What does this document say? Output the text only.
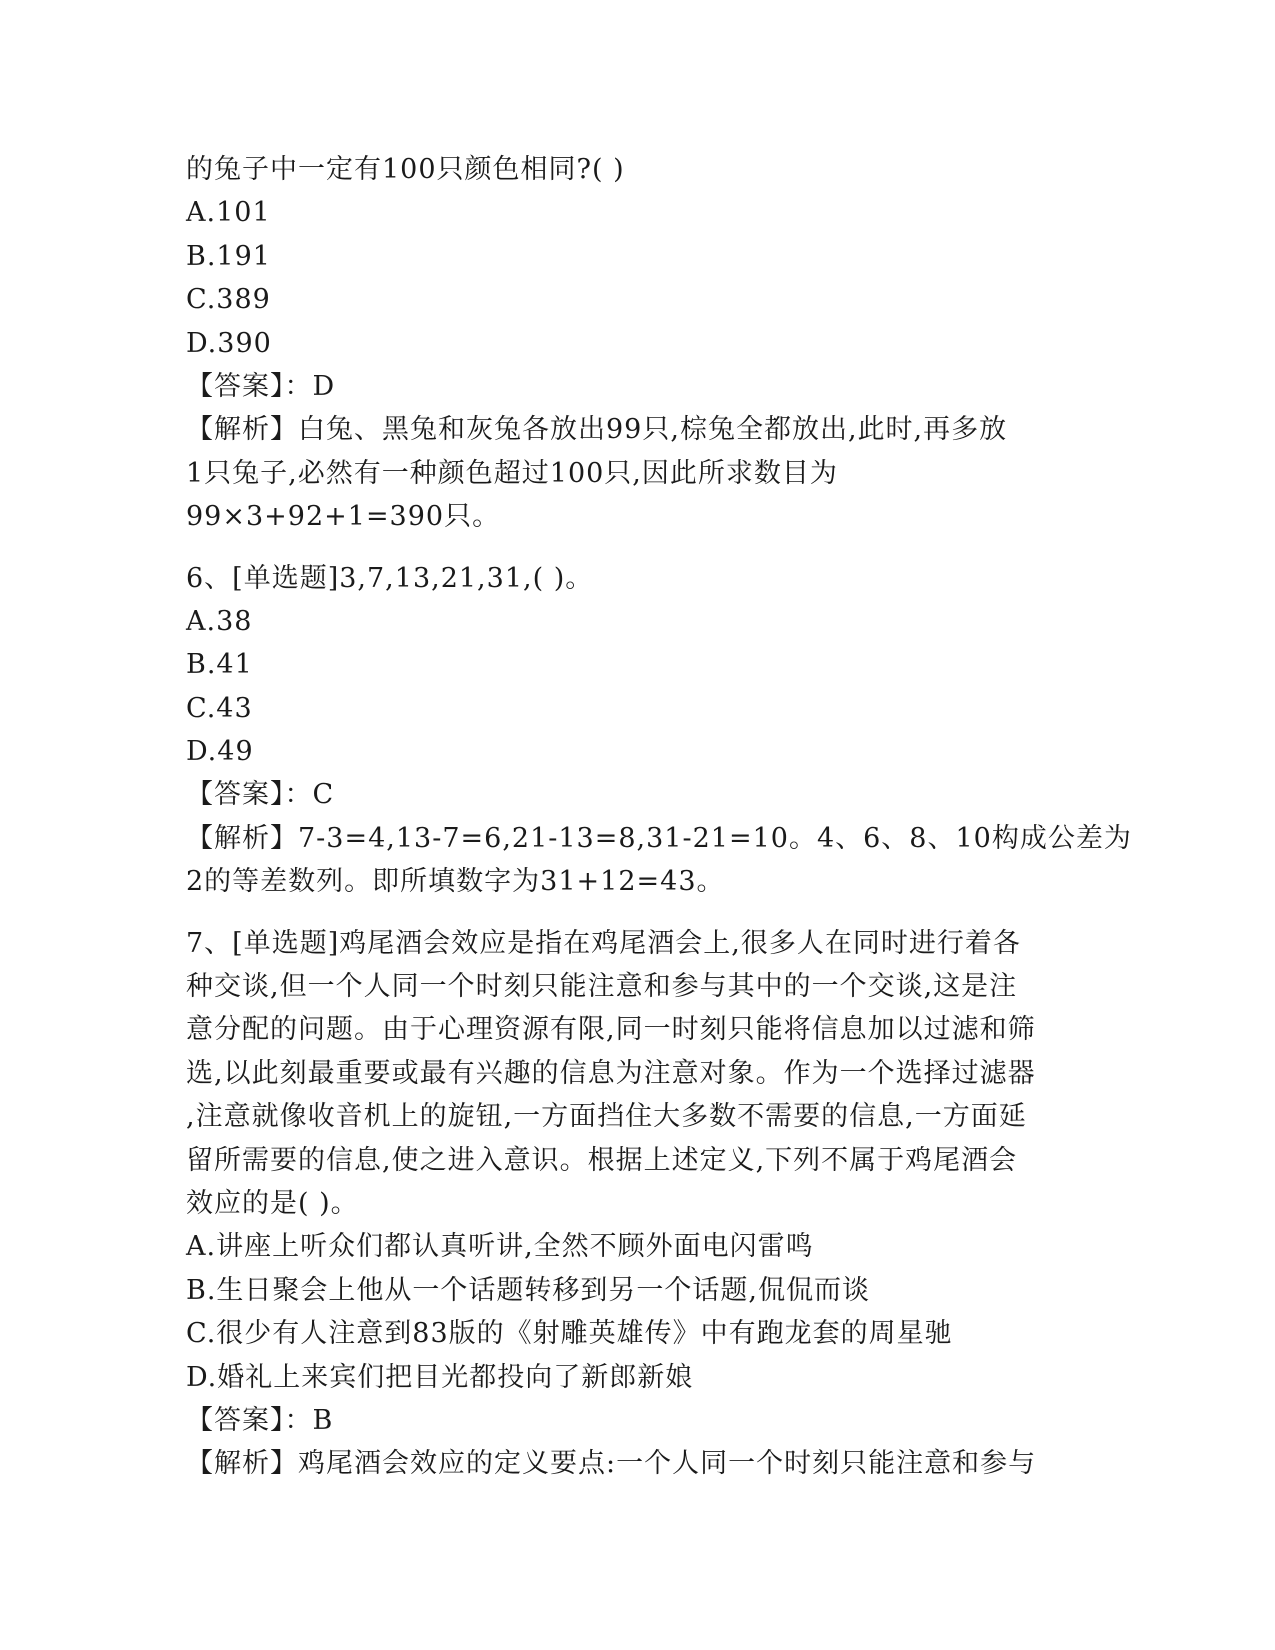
的兔子中一定有100只颜色相同?( )

A.101

B.191

C.389

D.390

【答案】：D

【解析】白兔、黑兔和灰兔各放出99只,棕兔全都放出,此时,再多放

1只兔子,必然有一种颜色超过100只,因此所求数目为

99×3+92+1=390只。

6、[单选题]3,7,13,21,31,( )。

A.38

B.41

C.43

D.49

【答案】：C

【解析】7-3=4,13-7=6,21-13=8,31-21=10。4、6、8、10构成公差为

2的等差数列。即所填数字为31+12=43。

7、[单选题]鸡尾酒会效应是指在鸡尾酒会上,很多人在同时进行着各

种交谈,但一个人同一个时刻只能注意和参与其中的一个交谈,这是注

意分配的问题。由于心理资源有限,同一时刻只能将信息加以过滤和筛

选,以此刻最重要或最有兴趣的信息为注意对象。作为一个选择过滤器

,注意就像收音机上的旋钮,一方面挡住大多数不需要的信息,一方面延

留所需要的信息,使之进入意识。根据上述定义,下列不属于鸡尾酒会

效应的是( )。

A.讲座上听众们都认真听讲,全然不顾外面电闪雷鸣

B.生日聚会上他从一个话题转移到另一个话题,侃侃而谈

C.很少有人注意到83版的《射雕英雄传》中有跑龙套的周星驰

D.婚礼上来宾们把目光都投向了新郎新娘

【答案】：B

【解析】鸡尾酒会效应的定义要点:一个人同一个时刻只能注意和参与
